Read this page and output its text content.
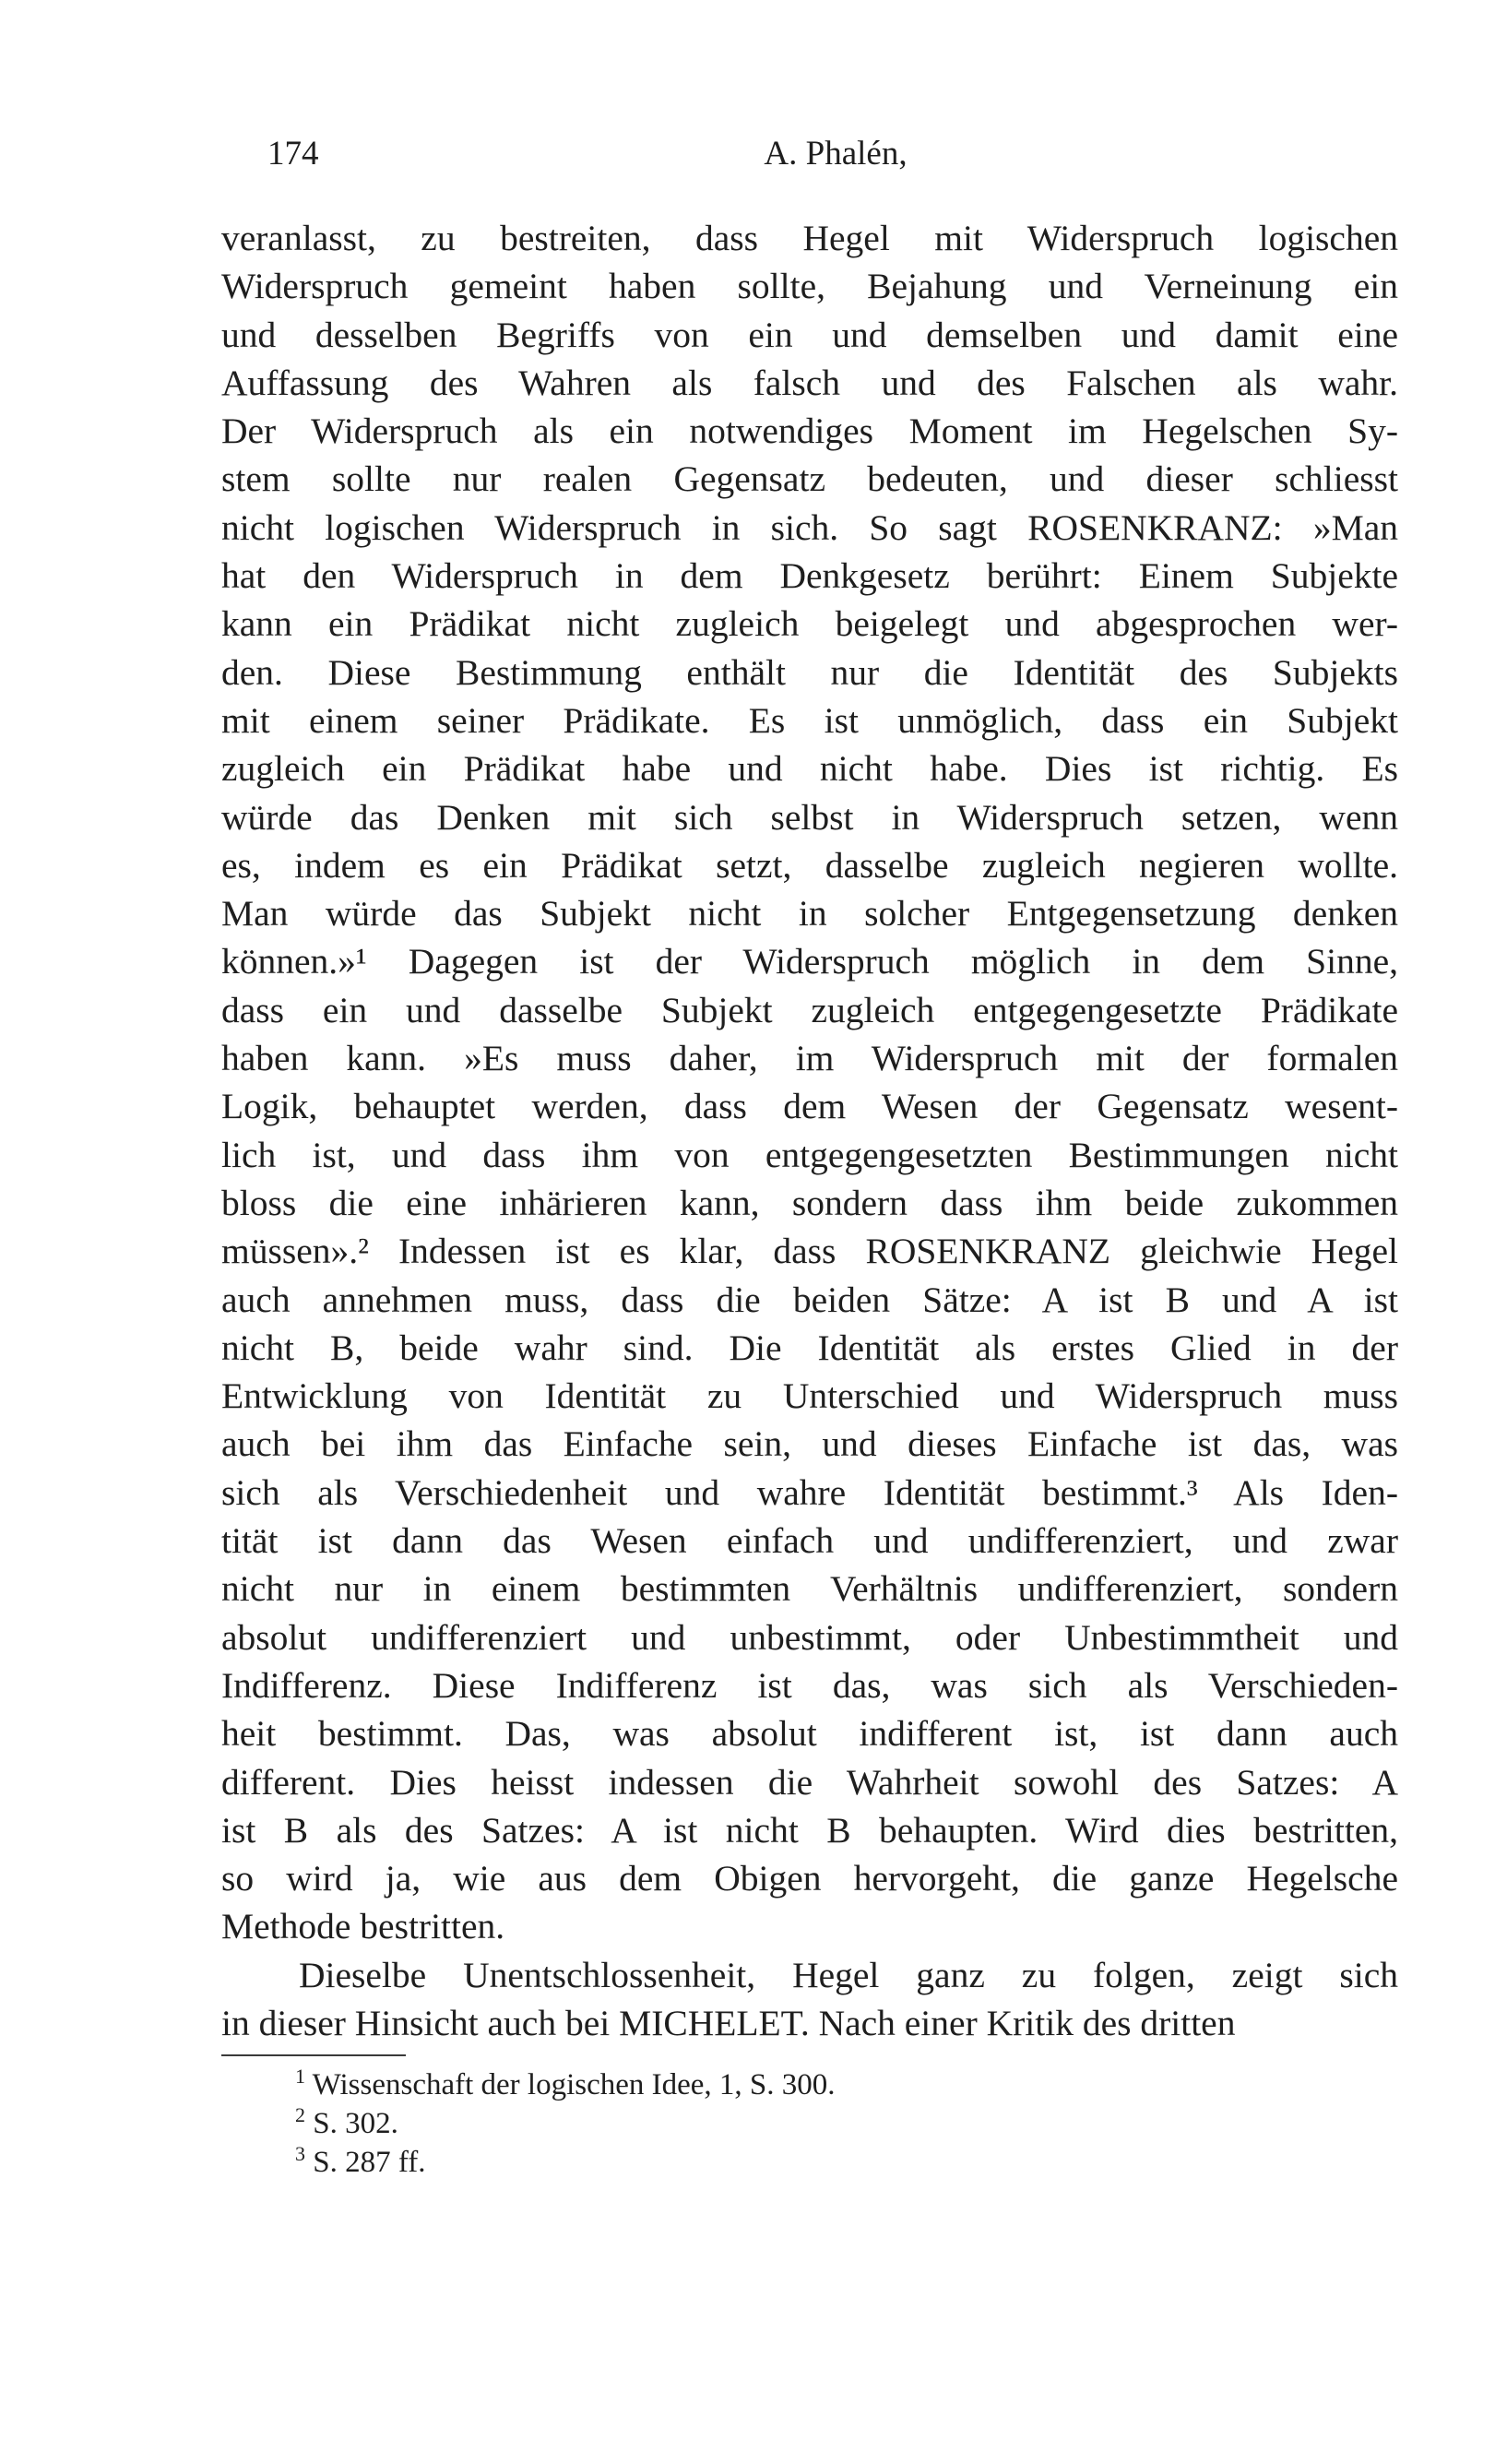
174	A. Phalén,
veranlasst, zu bestreiten, dass Hegel mit Widerspruch logischen
Widerspruch gemeint haben sollte, Bejahung und Verneinung ein
und desselben Begriffs von ein und demselben und damit eine
Auffassung des Wahren als falsch und des Falschen als wahr.
Der Widerspruch als ein notwendiges Moment im Hegelschen Sy-
stem sollte nur realen Gegensatz bedeuten, und dieser schliesst
nicht logischen Widerspruch in sich. So sagt ROSENKRANZ: »Man
hat den Widerspruch in dem Denkgesetz berührt: Einem Subjekte
kann ein Prädikat nicht zugleich beigelegt und abgesprochen wer-
den. Diese Bestimmung enthält nur die Identität des Subjekts
mit einem seiner Prädikate. Es ist unmöglich, dass ein Subjekt
zugleich ein Prädikat habe und nicht habe. Dies ist richtig. Es
würde das Denken mit sich selbst in Widerspruch setzen, wenn
es, indem es ein Prädikat setzt, dasselbe zugleich negieren wollte.
Man würde das Subjekt nicht in solcher Entgegensetzung denken
können.»¹ Dagegen ist der Widerspruch möglich in dem Sinne,
dass ein und dasselbe Subjekt zugleich entgegengesetzte Prädikate
haben kann. »Es muss daher, im Widerspruch mit der formalen
Logik, behauptet werden, dass dem Wesen der Gegensatz wesent-
lich ist, und dass ihm von entgegengesetzten Bestimmungen nicht
bloss die eine inhärieren kann, sondern dass ihm beide zukommen
müssen».² Indessen ist es klar, dass ROSENKRANZ gleichwie Hegel
auch annehmen muss, dass die beiden Sätze: A ist B und A ist
nicht B, beide wahr sind. Die Identität als erstes Glied in der
Entwicklung von Identität zu Unterschied und Widerspruch muss
auch bei ihm das Einfache sein, und dieses Einfache ist das, was
sich als Verschiedenheit und wahre Identität bestimmt.³ Als Iden-
tität ist dann das Wesen einfach und undifferenziert, und zwar
nicht nur in einem bestimmten Verhältnis undifferenziert, sondern
absolut undifferenziert und unbestimmt, oder Unbestimmtheit und
Indifferenz. Diese Indifferenz ist das, was sich als Verschieden-
heit bestimmt. Das, was absolut indifferent ist, ist dann auch
different. Dies heisst indessen die Wahrheit sowohl des Satzes: A
ist B als des Satzes: A ist nicht B behaupten. Wird dies bestritten,
so wird ja, wie aus dem Obigen hervorgeht, die ganze Hegelsche
Methode bestritten.
Dieselbe Unentschlossenheit, Hegel ganz zu folgen, zeigt sich
in dieser Hinsicht auch bei MICHELET. Nach einer Kritik des dritten
$^1$ Wissenschaft der logischen Idee, 1, S. 300.
$^2$ S. 302.
$^3$ S. 287 ff.
